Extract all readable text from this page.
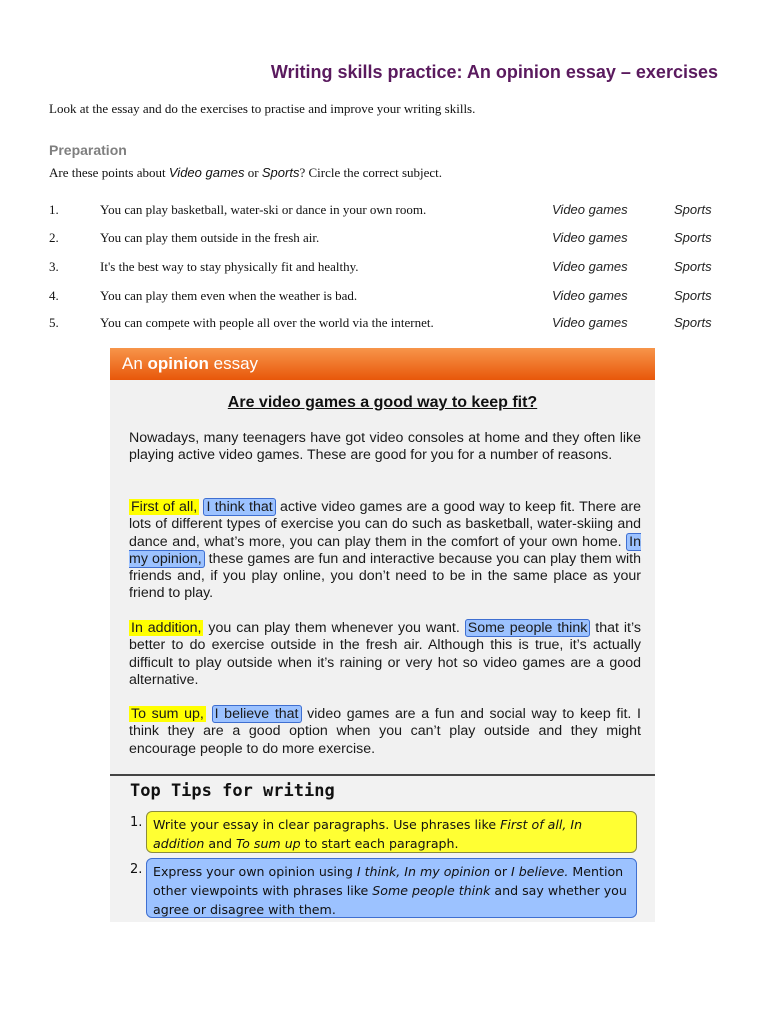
Writing skills practice: An opinion essay – exercises
Look at the essay and do the exercises to practise and improve your writing skills.
Preparation
Are these points about Video games or Sports? Circle the correct subject.
1.	You can play basketball, water-ski or dance in your own room.	Video games	Sports
2.	You can play them outside in the fresh air.	Video games	Sports
3.	It's the best way to stay physically fit and healthy.	Video games	Sports
4.	You can play them even when the weather is bad.	Video games	Sports
5.	You can compete with people all over the world via the internet.	Video games	Sports
An opinion essay
Are video games a good way to keep fit?
Nowadays, many teenagers have got video consoles at home and they often like playing active video games. These are good for you for a number of reasons.
First of all, I think that active video games are a good way to keep fit. There are lots of different types of exercise you can do such as basketball, water-skiing and dance and, what’s more, you can play them in the comfort of your own home. In my opinion, these games are fun and interactive because you can play them with friends and, if you play online, you don’t need to be in the same place as your friend to play.
In addition, you can play them whenever you want. Some people think that it’s better to do exercise outside in the fresh air. Although this is true, it’s actually difficult to play outside when it’s raining or very hot so video games are a good alternative.
To sum up, I believe that video games are a fun and social way to keep fit. I think they are a good option when you can’t play outside and they might encourage people to do more exercise.
Top Tips for writing
1. Write your essay in clear paragraphs. Use phrases like First of all, In addition and To sum up to start each paragraph.
2. Express your own opinion using I think, In my opinion or I believe. Mention other viewpoints with phrases like Some people think and say whether you agree or disagree with them.
